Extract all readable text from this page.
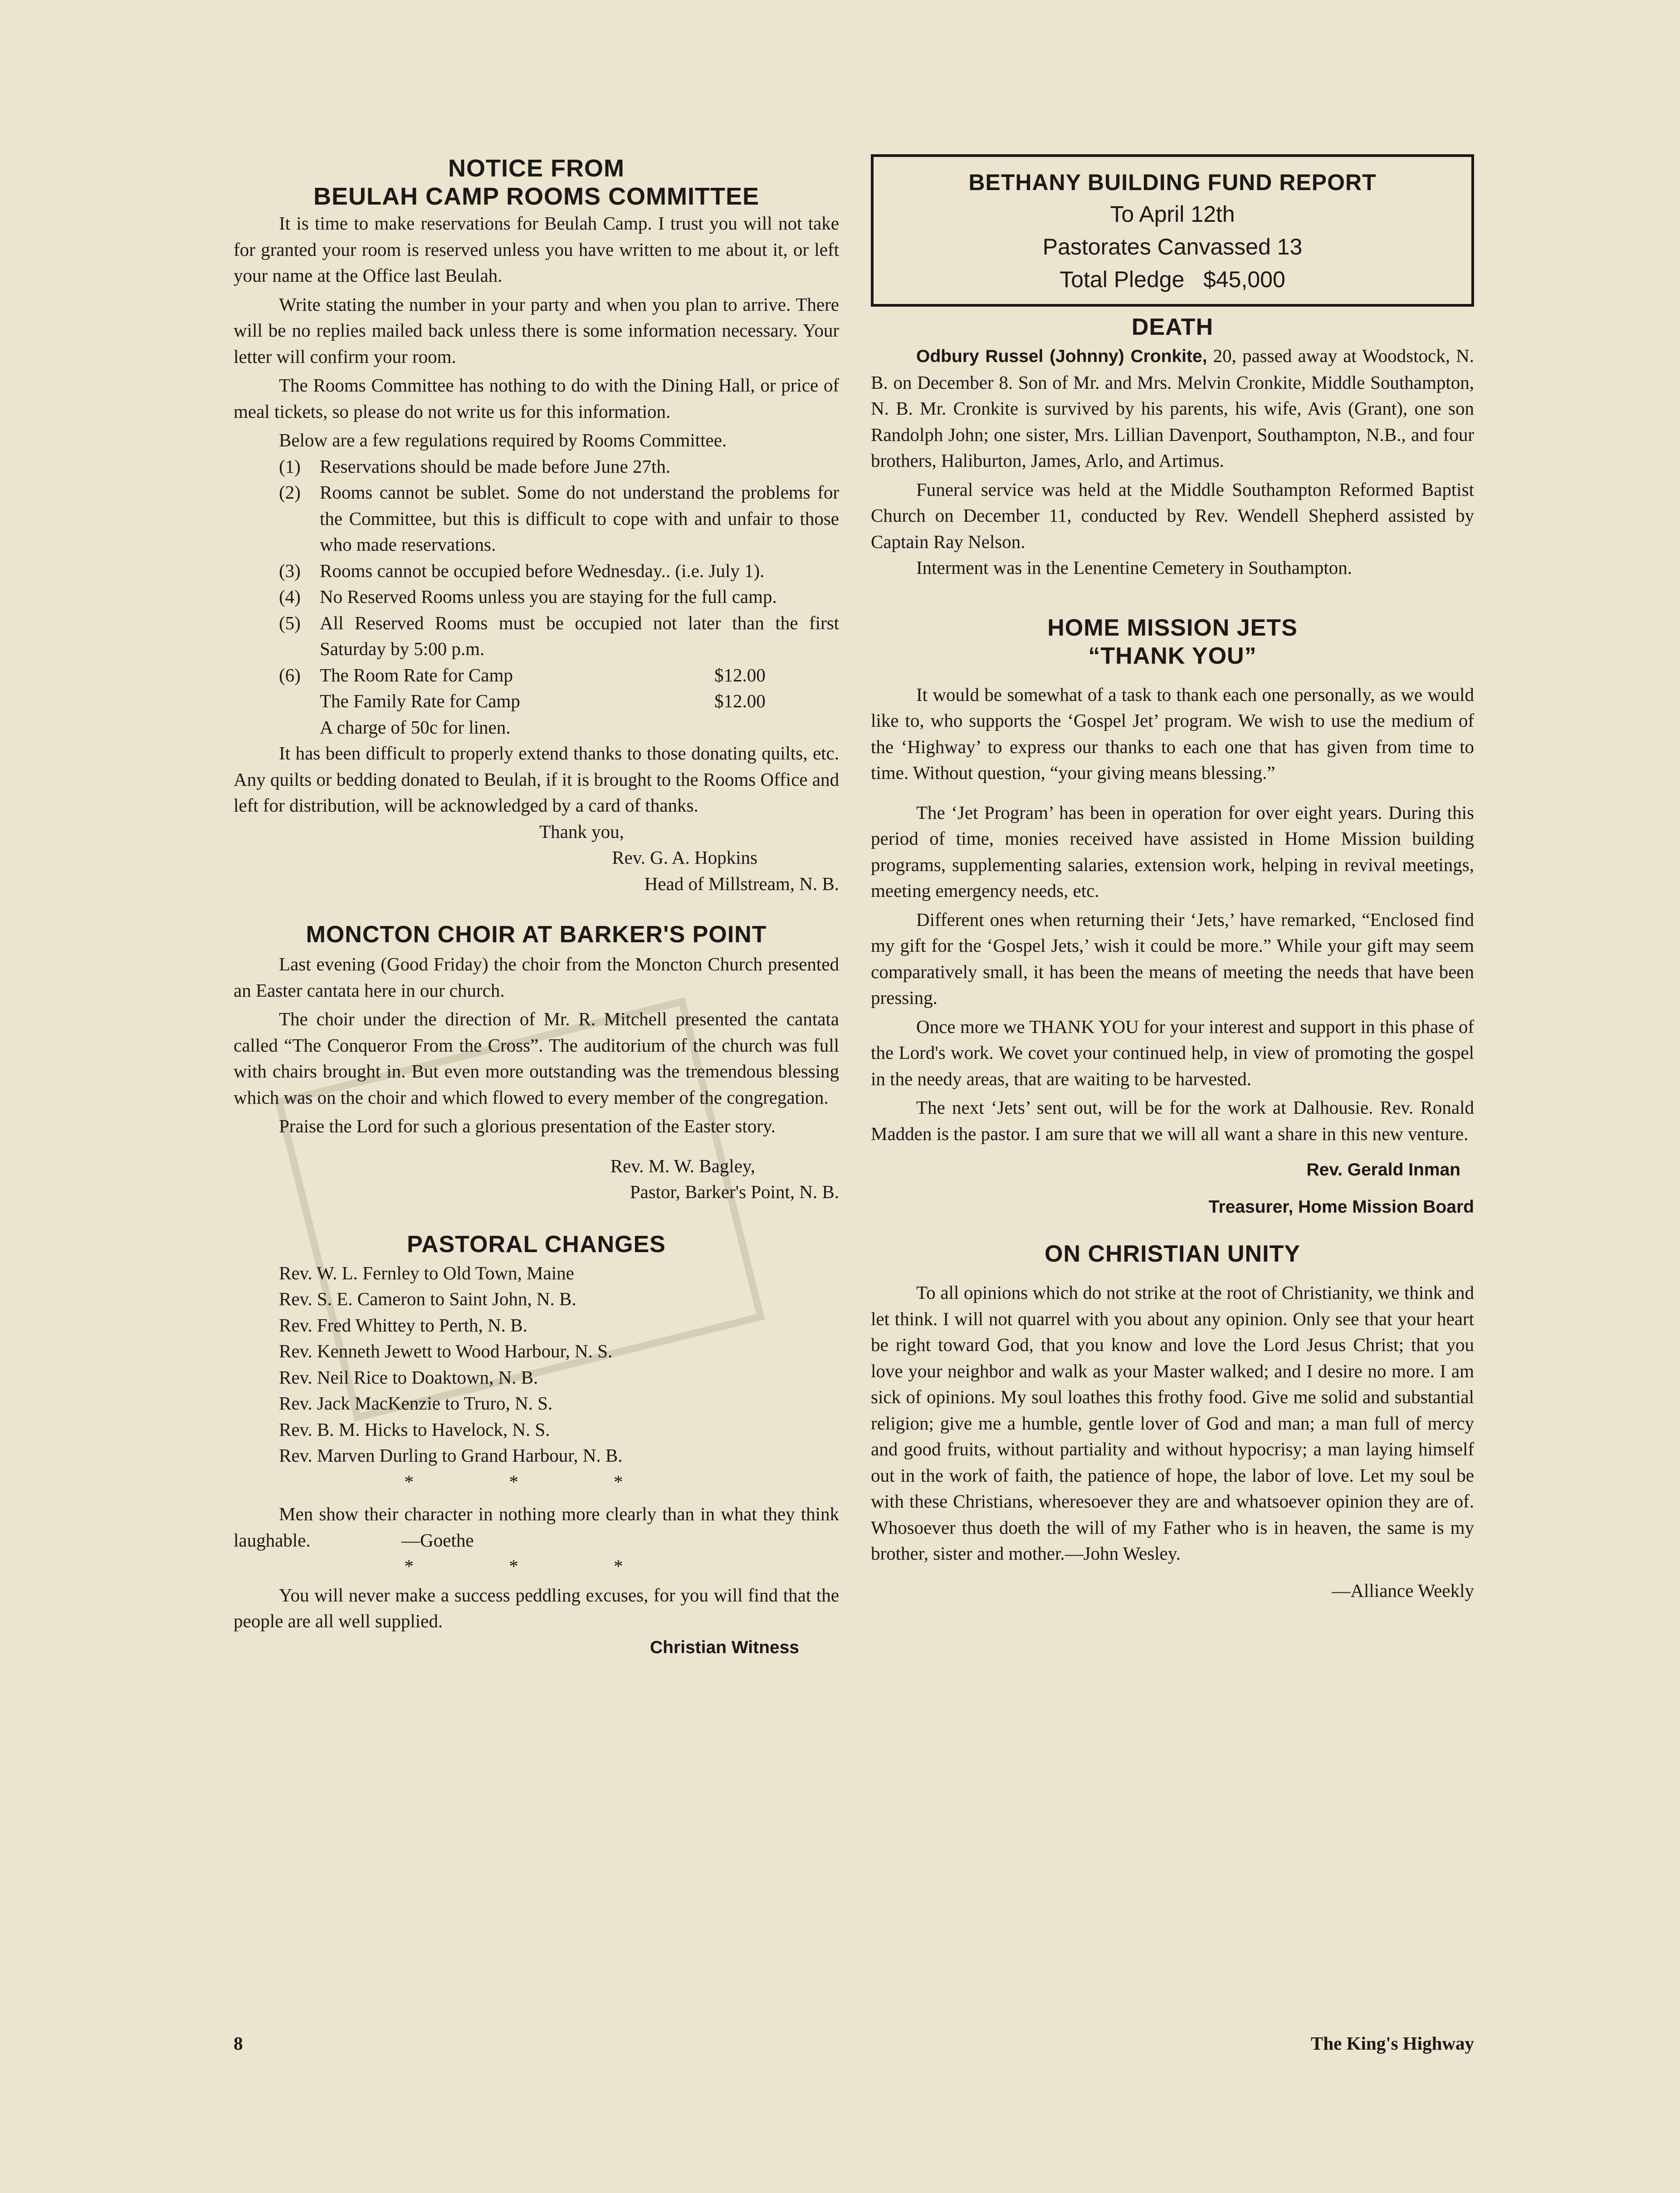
NOTICE FROM
BEULAH CAMP ROOMS COMMITTEE

It is time to make reservations for Beulah Camp. I trust you will not take for granted your room is reserved unless you have written to me about it, or left your name at the Office last Beulah.

Write stating the number in your party and when you plan to arrive. There will be no replies mailed back unless there is some information necessary. Your letter will confirm your room.

The Rooms Committee has nothing to do with the Dining Hall, or price of meal tickets, so please do not write us for this information.

Below are a few regulations required by Rooms Committee.

(1)	Reservations should be made before June 27th.
(2)	Rooms cannot be sublet. Some do not understand the problems for the Committee, but this is difficult to cope with and unfair to those who made reservations.
(3)	Rooms cannot be occupied before Wednesday.. (i.e. July 1).
(4)	No Reserved Rooms unless you are staying for the full camp.
(5)	All Reserved Rooms must be occupied not later than the first Saturday by 5:00 p.m.
(6)	The Room Rate for Camp	$12.00
The Family Rate for Camp	$12.00
A charge of 50c for linen.

It has been difficult to properly extend thanks to those donating quilts, etc. Any quilts or bedding donated to Beulah, if it is brought to the Rooms Office and left for distribution, will be acknowledged by a card of thanks.

Thank you,
Rev. G. A. Hopkins
Head of Millstream, N. B.
MONCTON CHOIR AT BARKER'S POINT

Last evening (Good Friday) the choir from the Moncton Church presented an Easter cantata here in our church.

The choir under the direction of Mr. R. Mitchell presented the cantata called “The Conqueror From the Cross”. The auditorium of the church was full with chairs brought in. But even more outstanding was the tremendous blessing which was on the choir and which flowed to every member of the congregation.

Praise the Lord for such a glorious presentation of the Easter story.

Rev. M. W. Bagley,
Pastor, Barker's Point, N. B.
PASTORAL CHANGES
Rev. W. L. Fernley to Old Town, Maine
Rev. S. E. Cameron to Saint John, N. B.
Rev. Fred Whittey to Perth, N. B.
Rev. Kenneth Jewett to Wood Harbour, N. S.
Rev. Neil Rice to Doaktown, N. B.
Rev. Jack MacKenzie to Truro, N. S.
Rev. B. M. Hicks to Havelock, N. S.
Rev. Marven Durling to Grand Harbour, N. B.
* * *

Men show their character in nothing more clearly than in what they think laughable.	—Goethe

* * *

You will never make a success peddling excuses, for you will find that the people are all well supplied.

Christian Witness
BETHANY BUILDING FUND REPORT
To April 12th
Pastorates Canvassed 13
Total Pledge   $45,000
DEATH

Odbury Russel (Johnny) Cronkite, 20, passed away at Woodstock, N. B. on December 8. Son of Mr. and Mrs. Melvin Cronkite, Middle Southampton, N. B. Mr. Cronkite is survived by his parents, his wife, Avis (Grant), one son Randolph John; one sister, Mrs. Lillian Davenport, Southampton, N.B., and four brothers, Haliburton, James, Arlo, and Artimus.

Funeral service was held at the Middle Southampton Reformed Baptist Church on December 11, conducted by Rev. Wendell Shepherd assisted by Captain Ray Nelson.

Interment was in the Lenentine Cemetery in Southampton.

HOME MISSION JETS
“THANK YOU”

It would be somewhat of a task to thank each one personally, as we would like to, who supports the ‘Gospel Jet’ program. We wish to use the medium of the ‘Highway’ to express our thanks to each one that has given from time to time. Without question, “your giving means blessing.”

The ‘Jet Program’ has been in operation for over eight years. During this period of time, monies received have assisted in Home Mission building programs, supplementing salaries, extension work, helping in revival meetings, meeting emergency needs, etc.

Different ones when returning their ‘Jets,’ have remarked, “Enclosed find my gift for the ‘Gospel Jets,’ wish it could be more.” While your gift may seem comparatively small, it has been the means of meeting the needs that have been pressing.

Once more we THANK YOU for your interest and support in this phase of the Lord's work. We covet your continued help, in view of promoting the gospel in the needy areas, that are waiting to be harvested.

The next ‘Jets’ sent out, will be for the work at Dalhousie. Rev. Ronald Madden is the pastor. I am sure that we will all want a share in this new venture.

Rev. Gerald Inman
Treasurer, Home Mission Board
ON CHRISTIAN UNITY

To all opinions which do not strike at the root of Christianity, we think and let think. I will not quarrel with you about any opinion. Only see that your heart be right toward God, that you know and love the Lord Jesus Christ; that you love your neighbor and walk as your Master walked; and I desire no more. I am sick of opinions. My soul loathes this frothy food. Give me solid and substantial religion; give me a humble, gentle lover of God and man; a man full of mercy and good fruits, without partiality and without hypocrisy; a man laying himself out in the work of faith, the patience of hope, the labor of love. Let my soul be with these Christians, wheresoever they are and whatsoever opinion they are of. Whosoever thus doeth the will of my Father who is in heaven, the same is my brother, sister and mother.—John Wesley.

—Alliance Weekly
8	The King's Highway
